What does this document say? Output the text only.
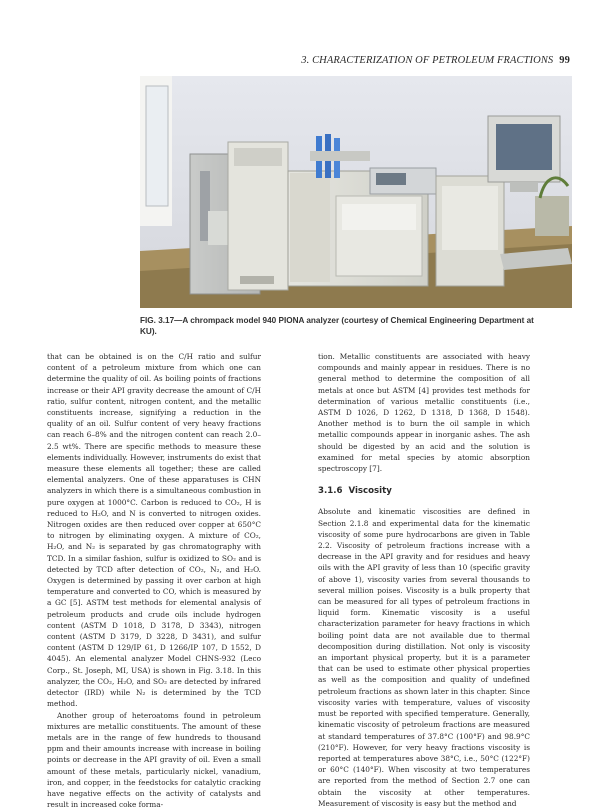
3. CHARACTERIZATION OF PETROLEUM FRACTIONS 99
FIG. 3.17—A chrompack model 940 PIONA analyzer (courtesy of Chemical Engineering Department at KU).

that can be obtained is on the C/H ratio and sulfur content of a petroleum mixture from which one can determine the quality of oil. As boiling points of fractions increase or their API gravity decrease the amount of C/H ratio, sulfur content, nitrogen content, and the metallic constituents increase, signifying a reduction in the quality of an oil. Sulfur content of very heavy fractions can reach 6–8% and the nitrogen content can reach 2.0–2.5 wt%. There are specific methods to measure these elements individually. However, instruments do exist that measure these elements all together; these are called elemental analyzers. One of these apparatuses is CHN analyzers in which there is a simultaneous combustion in pure oxygen at 1000°C. Carbon is reduced to CO₂, H is reduced to H₂O, and N is converted to nitrogen oxides. Nitrogen oxides are then reduced over copper at 650°C to nitrogen by eliminating oxygen. A mixture of CO₂, H₂O, and N₂ is separated by gas chromatography with TCD. In a similar fashion, sulfur is oxidized to SO₂ and is detected by TCD after detection of CO₂, N₂, and H₂O. Oxygen is determined by passing it over carbon at high temperature and converted to CO, which is measured by a GC [5]. ASTM test methods for elemental analysis of petroleum products and crude oils include hydrogen content (ASTM D 1018, D 3178, D 3343), nitrogen content (ASTM D 3179, D 3228, D 3431), and sulfur content (ASTM D 129/IP 61, D 1266/IP 107, D 1552, D 4045). An elemental analyzer Model CHNS-932 (Leco Corp., St. Joseph, MI, USA) is shown in Fig. 3.18. In this analyzer, the CO₂, H₂O, and SO₂ are detected by infrared detector (IRD) while N₂ is determined by the TCD method.

Another group of heteroatoms found in petroleum mixtures are metallic constituents. The amount of these metals are in the range of few hundreds to thousand ppm and their amounts increase with increase in boiling points or decrease in the API gravity of oil. Even a small amount of these metals, particularly nickel, vanadium, iron, and copper, in the feedstocks for catalytic cracking have negative effects on the activity of catalysts and result in increased coke forma-

tion. Metallic constituents are associated with heavy compounds and mainly appear in residues. There is no general method to determine the composition of all metals at once but ASTM [4] provides test methods for determination of various metallic constituents (i.e., ASTM D 1026, D 1262, D 1318, D 1368, D 1548). Another method is to burn the oil sample in which metallic compounds appear in inorganic ashes. The ash should be digested by an acid and the solution is examined for metal species by atomic absorption spectroscopy [7].

3.1.6 Viscosity

Absolute and kinematic viscosities are defined in Section 2.1.8 and experimental data for the kinematic viscosity of some pure hydrocarbons are given in Table 2.2. Viscosity of petroleum fractions increase with a decrease in the API gravity and for residues and heavy oils with the API gravity of less than 10 (specific gravity of above 1), viscosity varies from several thousands to several million poises. Viscosity is a bulk property that can be measured for all types of petroleum fractions in liquid form. Kinematic viscosity is a useful characterization parameter for heavy fractions in which boiling point data are not available due to thermal decomposition during distillation. Not only is viscosity an important physical property, but it is a parameter that can be used to estimate other physical properties as well as the composition and quality of undefined petroleum fractions as shown later in this chapter. Since viscosity varies with temperature, values of viscosity must be reported with specified temperature. Generally, kinematic viscosity of petroleum fractions are measured at standard temperatures of 37.8°C (100°F) and 98.9°C (210°F). However, for very heavy fractions viscosity is reported at temperatures above 38°C, i.e., 50°C (122°F) or 60°C (140°F). When viscosity at two temperatures are reported from the method of Section 2.7 one can obtain the viscosity at other temperatures. Measurement of viscosity is easy but the method and
